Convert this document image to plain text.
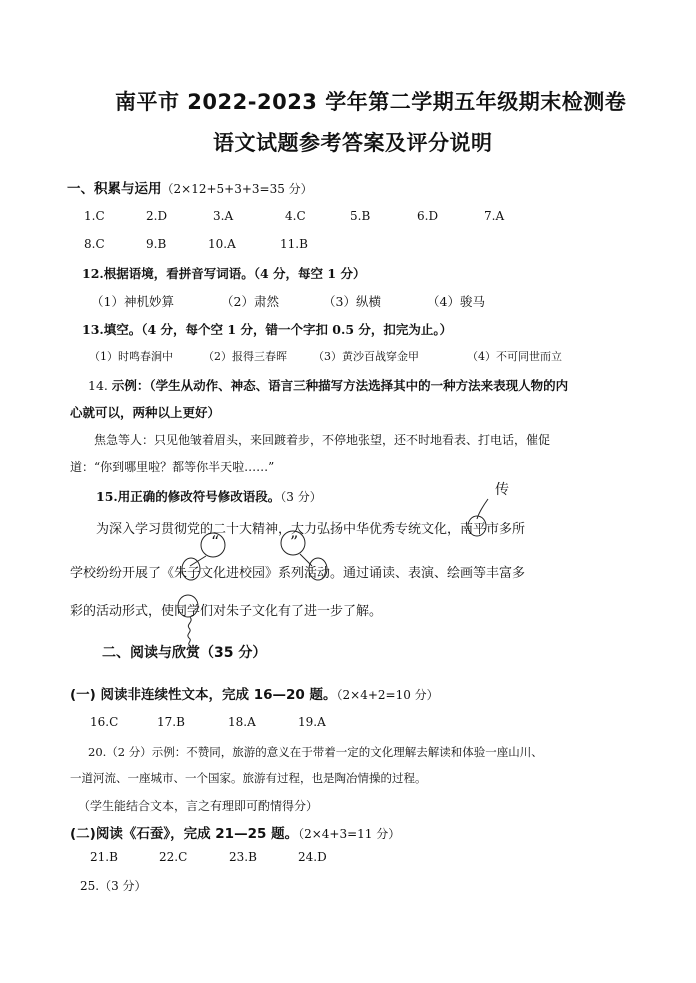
南平市 2022-2023 学年第二学期五年级期末检测卷
语文试题参考答案及评分说明
一、积累与运用（2×12+5+3+3=35 分）
1.C	2.D	3.A	4.C	5.B	6.D	7.A
8.C	9.B	10.A	11.B
12.根据语境，看拼音写词语。（4 分，每空 1 分）
（1）神机妙算	（2）肃然	（3）纵横	（4）骏马
13.填空。（4 分，每个空 1 分，错一个字扣 0.5 分，扣完为止。）
（1）时鸣春涧中	（2）报得三春晖 （3）黄沙百战穿金甲	（4）不可同世而立
14. 示例：（学生从动作、神态、语言三种描写方法选择其中的一种方法来表现人物的内
心就可以，两种以上更好）
焦急等人：只见他皱着眉头，来回踱着步，不停地张望，还不时地看表、打电话，催促
道：“你到哪里啦？都等你半天啦……”
15.用正确的修改符号修改语段。（3 分）	传
“	”
为深入学习贯彻党的二十大精神，大力弘扬中华优秀专统文化，南平市多所
学校纷纷开展了《朱子文化进校园》系列活动。通过诵读、表演、绘画等丰富多
彩的活动形式，使同学们对朱子文化有了进一步了解。
二、阅读与欣赏（35 分）
(一) 阅读非连续性文本，完成 16—20 题。（2×4+2=10 分）
16.C	17.B	18.A	19.A
20.（2 分）示例：不赞同，旅游的意义在于带着一定的文化理解去解读和体验一座山川、
一道河流、一座城市、一个国家。旅游有过程，也是陶冶情操的过程。
（学生能结合文本，言之有理即可酌情得分）
(二)阅读《石蚕》，完成 21—25 题。（2×4+3=11 分）
21.B	22.C	23.B	24.D
25.（3 分）
